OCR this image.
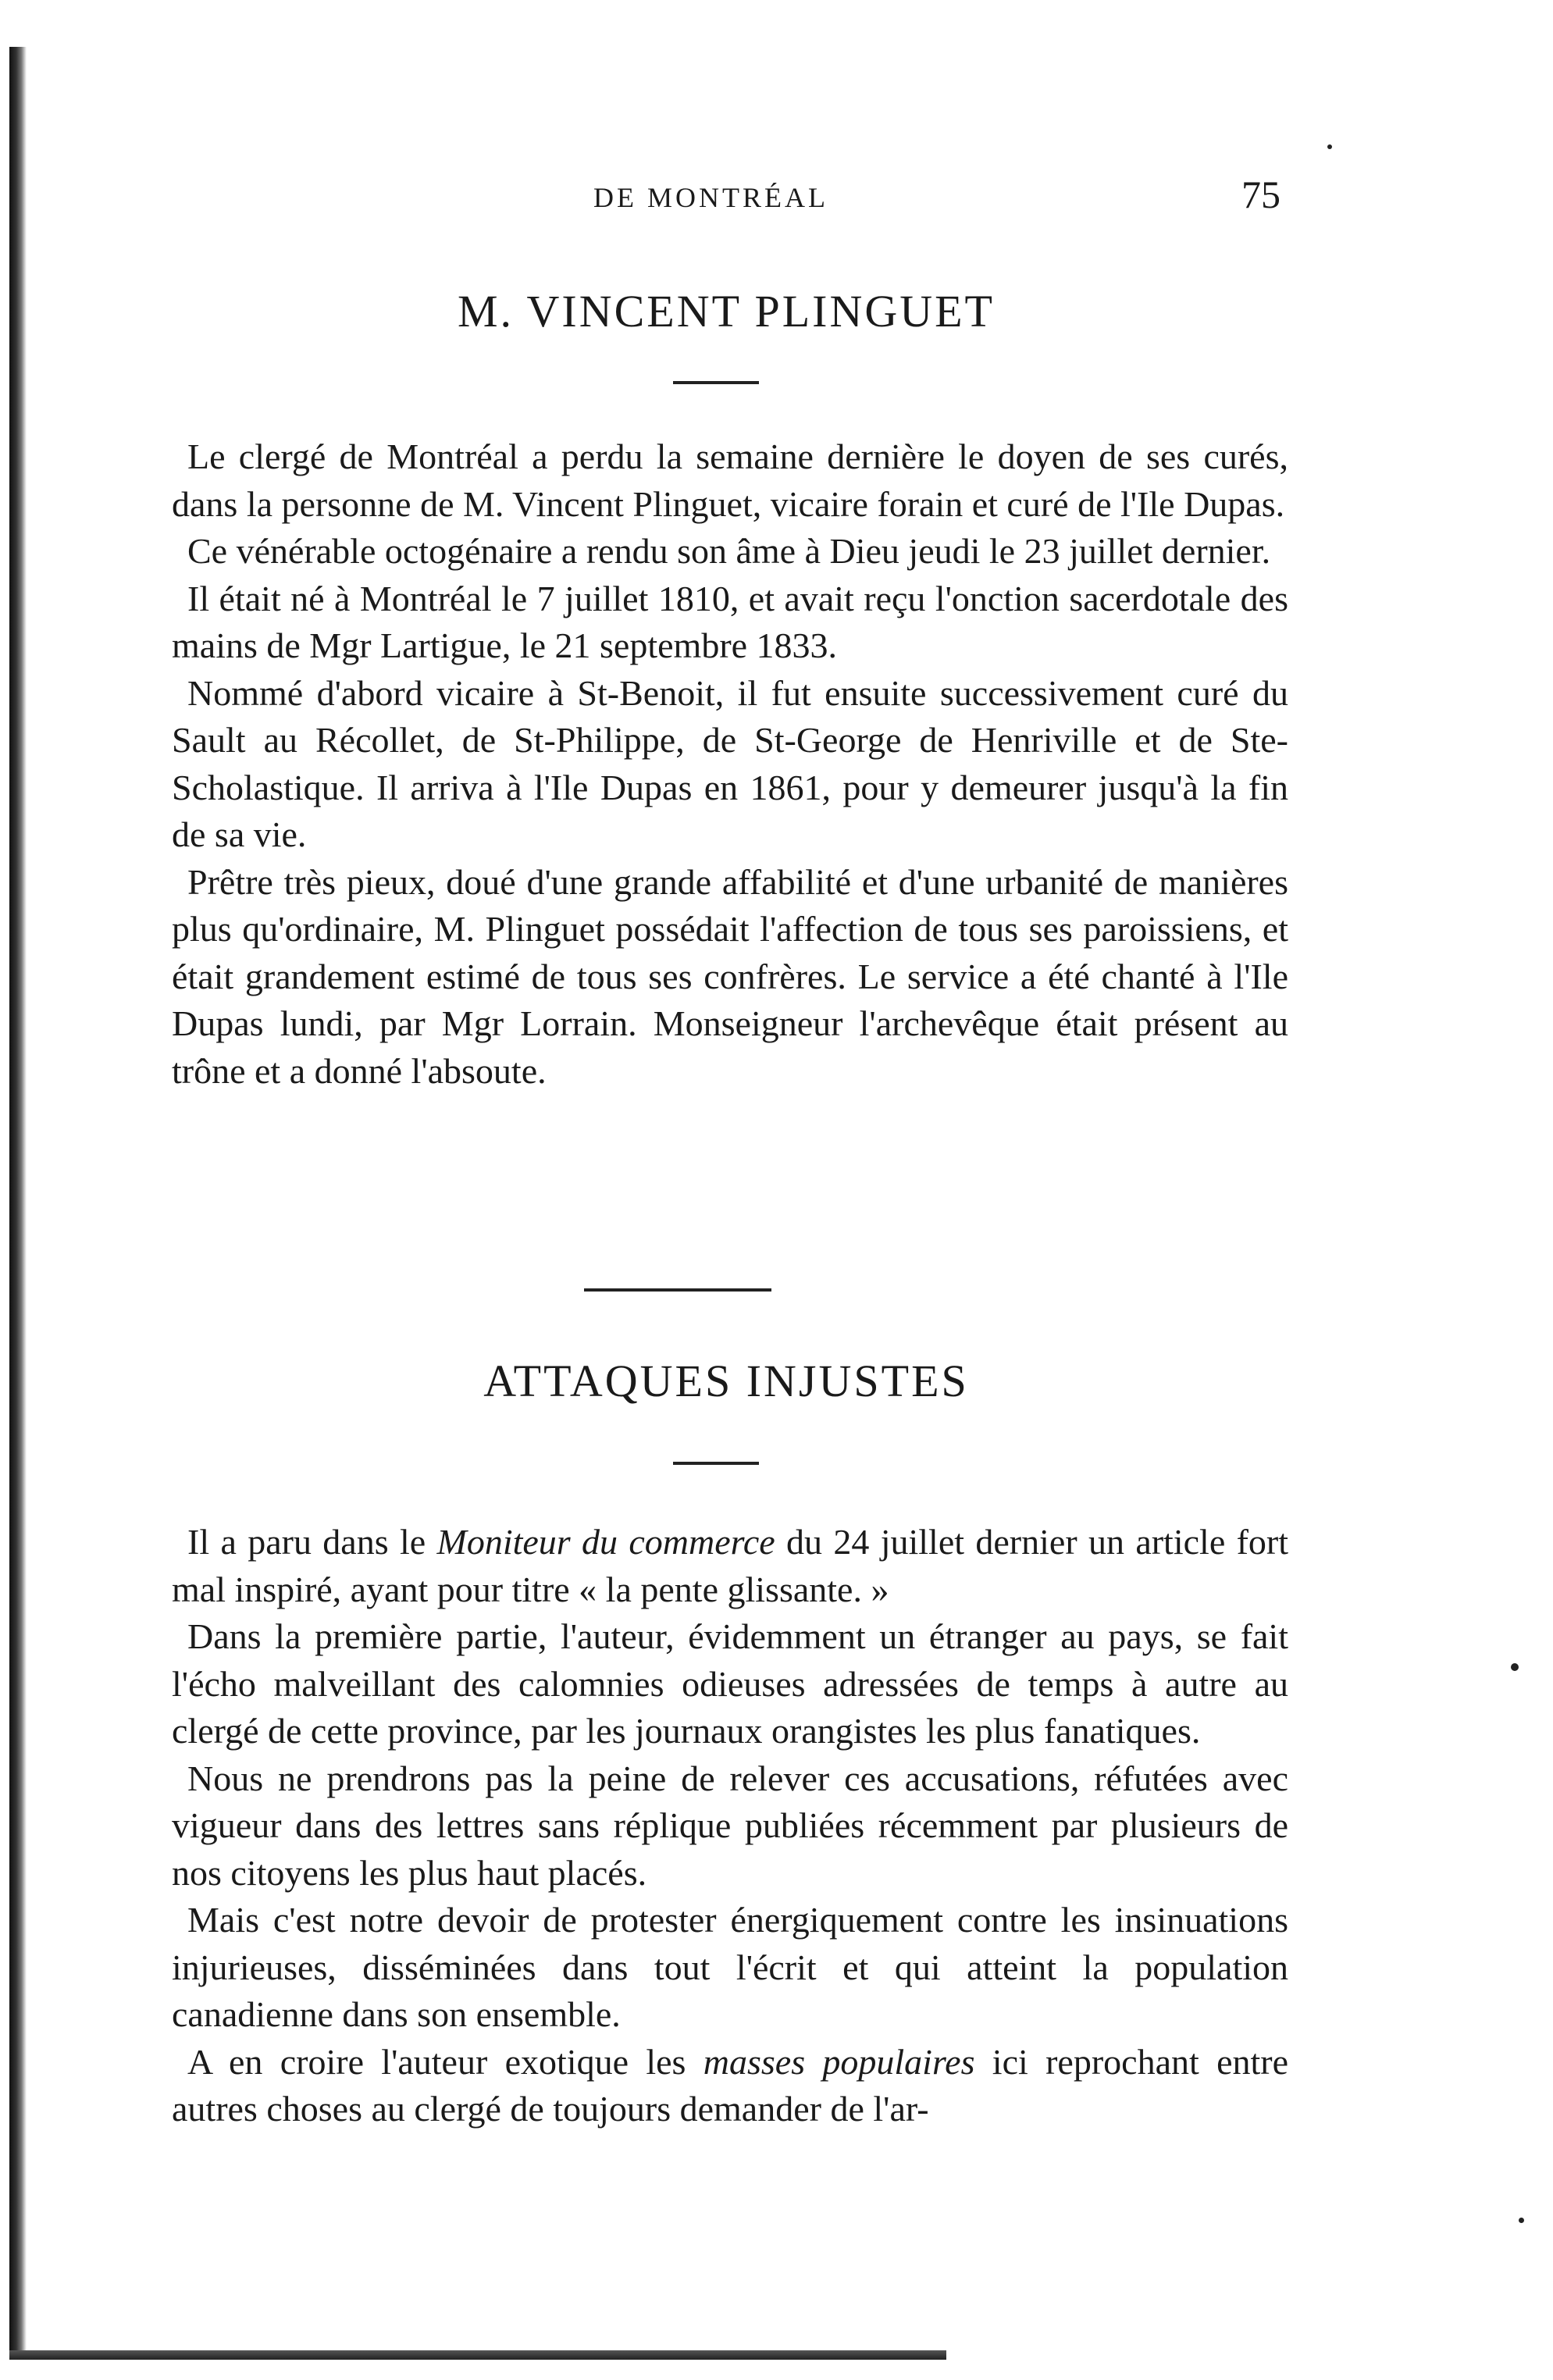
DE MONTRÉAL	75
M. VINCENT PLINGUET

Le clergé de Montréal a perdu la semaine dernière le doyen de ses curés, dans la personne de M. Vincent Plinguet, vicaire forain et curé de l'Ile Dupas.

Ce vénérable octogénaire a rendu son âme à Dieu jeudi le 23 juillet dernier.

Il était né à Montréal le 7 juillet 1810, et avait reçu l'onction sacerdotale des mains de Mgr Lartigue, le 21 septembre 1833.

Nommé d'abord vicaire à St-Benoit, il fut ensuite successivement curé du Sault au Récollet, de St-Philippe, de St-George de Henriville et de Ste-Scholastique. Il arriva à l'Ile Dupas en 1861, pour y demeurer jusqu'à la fin de sa vie.

Prêtre très pieux, doué d'une grande affabilité et d'une urbanité de manières plus qu'ordinaire, M. Plinguet possédait l'affection de tous ses paroissiens, et était grandement estimé de tous ses confrères. Le service a été chanté à l'Ile Dupas lundi, par Mgr Lorrain. Monseigneur l'archevêque était présent au trône et a donné l'absoute.

ATTAQUES INJUSTES

Il a paru dans le Moniteur du commerce du 24 juillet dernier un article fort mal inspiré, ayant pour titre « la pente glissante. »

Dans la première partie, l'auteur, évidemment un étranger au pays, se fait l'écho malveillant des calomnies odieuses adressées de temps à autre au clergé de cette province, par les journaux orangistes les plus fanatiques.

Nous ne prendrons pas la peine de relever ces accusations, réfutées avec vigueur dans des lettres sans réplique publiées récemment par plusieurs de nos citoyens les plus haut placés.

Mais c'est notre devoir de protester énergiquement contre les insinuations injurieuses, disséminées dans tout l'écrit et qui atteint la population canadienne dans son ensemble.

A en croire l'auteur exotique les masses populaires ici reprochant entre autres choses au clergé de toujours demander de l'ar-
